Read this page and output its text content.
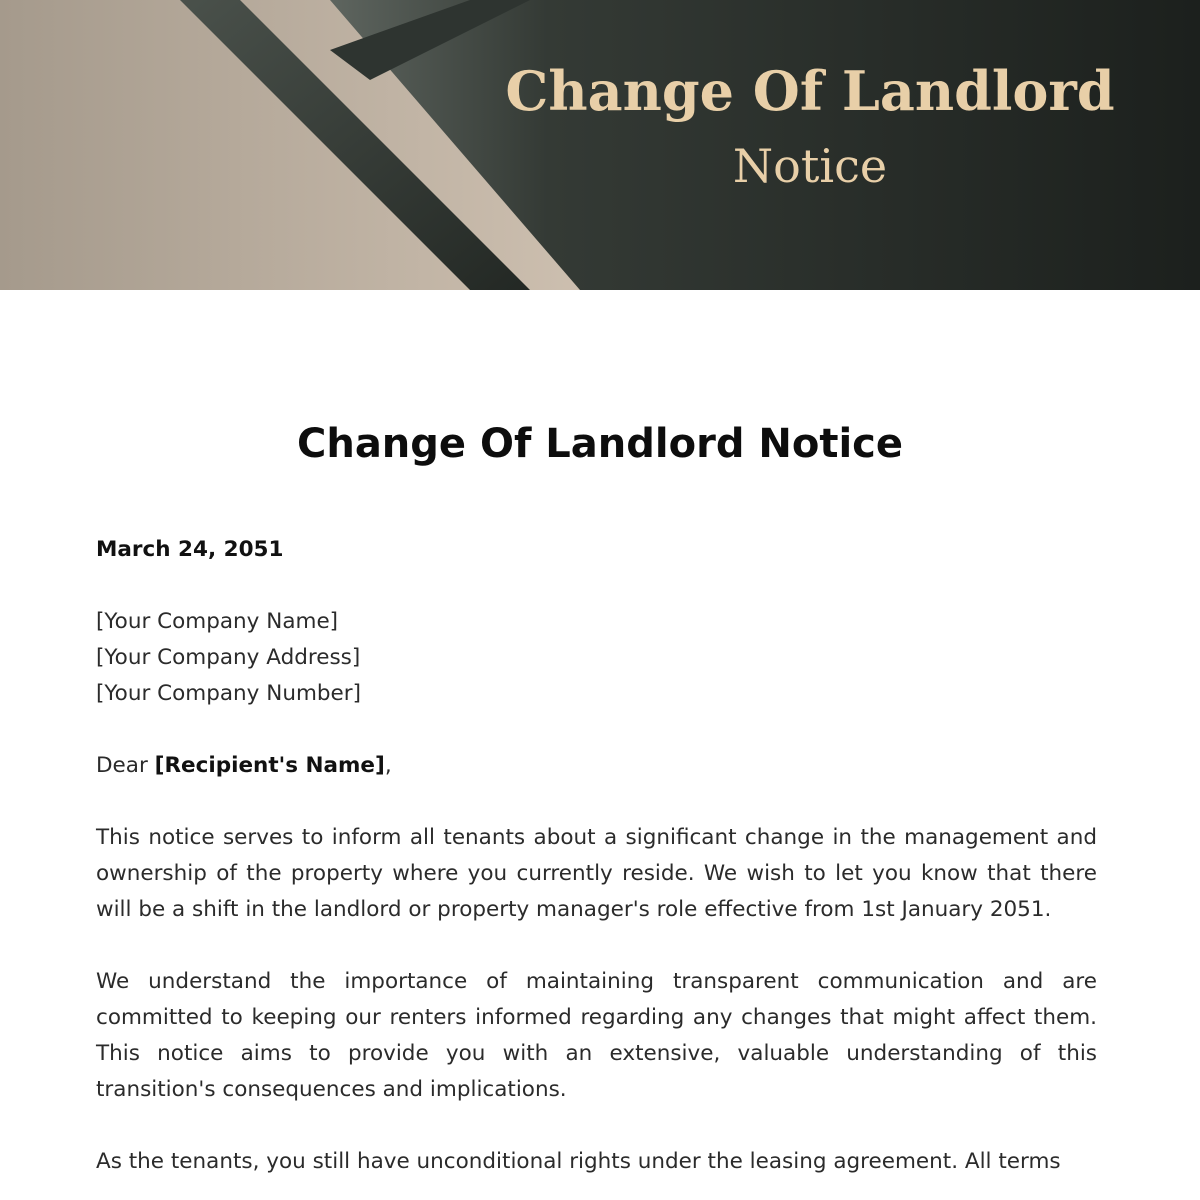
Change Of Landlord
Notice
Change Of Landlord Notice
March 24, 2051
[Your Company Name]
[Your Company Address]
[Your Company Number]
Dear [Recipient's Name],

This notice serves to inform all tenants about a significant change in the management and ownership of the property where you currently reside. We wish to let you know that there will be a shift in the landlord or property manager's role effective from 1st January 2051.

We understand the importance of maintaining transparent communication and are committed to keeping our renters informed regarding any changes that might affect them. This notice aims to provide you with an extensive, valuable understanding of this transition's consequences and implications.

As the tenants, you still have unconditional rights under the leasing agreement. All terms
